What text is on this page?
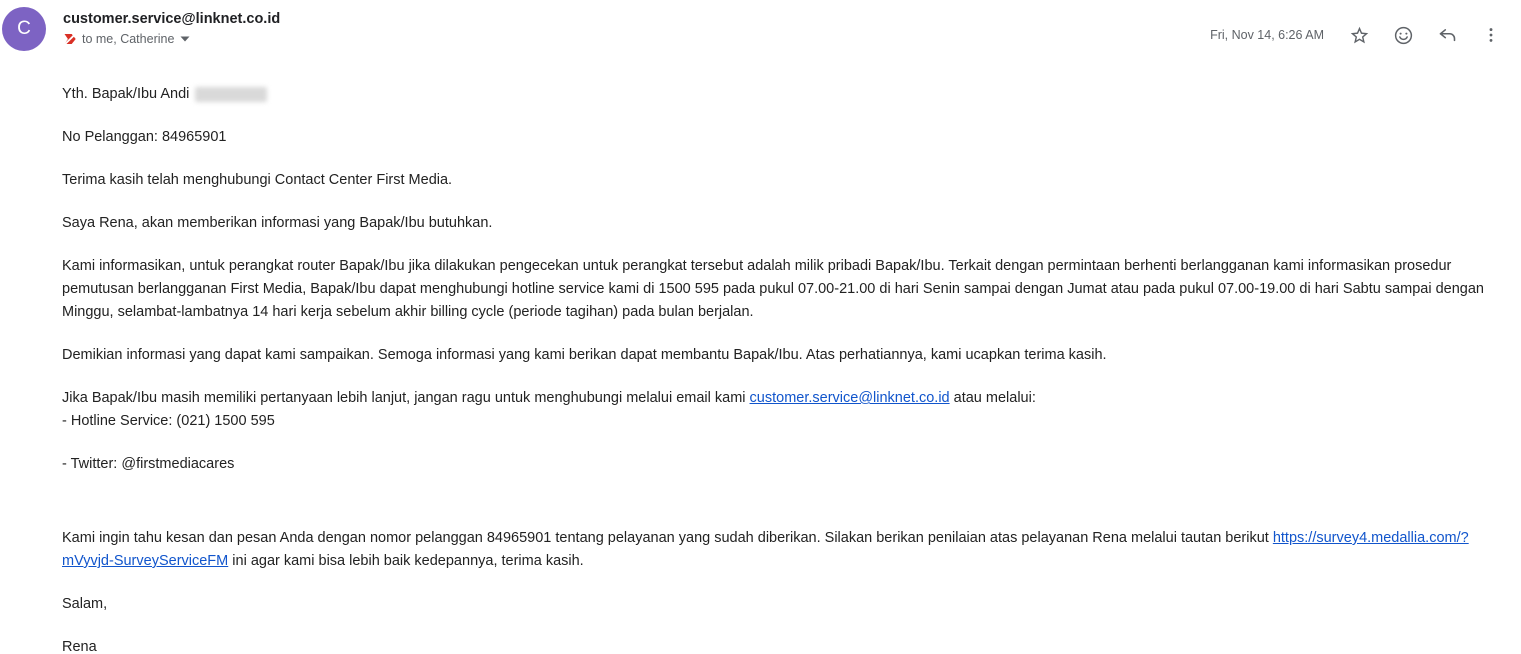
C customer.service@linknet.co.id
to me, Catherine	Fri, Nov 14, 6:26 AM
Yth. Bapak/Ibu Andi
No Pelanggan: 84965901
Terima kasih telah menghubungi Contact Center First Media.
Saya Rena, akan memberikan informasi yang Bapak/Ibu butuhkan.
Kami informasikan, untuk perangkat router Bapak/Ibu jika dilakukan pengecekan untuk perangkat tersebut adalah milik pribadi Bapak/Ibu. Terkait dengan permintaan berhenti berlangganan kami informasikan prosedur pemutusan berlangganan First Media, Bapak/Ibu dapat menghubungi hotline service kami di 1500 595 pada pukul 07.00-21.00 di hari Senin sampai dengan Jumat atau pada pukul 07.00-19.00 di hari Sabtu sampai dengan Minggu, selambat-lambatnya 14 hari kerja sebelum akhir billing cycle (periode tagihan) pada bulan berjalan.
Demikian informasi yang dapat kami sampaikan. Semoga informasi yang kami berikan dapat membantu Bapak/Ibu. Atas perhatiannya, kami ucapkan terima kasih.
Jika Bapak/Ibu masih memiliki pertanyaan lebih lanjut, jangan ragu untuk menghubungi melalui email kami customer.service@linknet.co.id atau melalui:
- Hotline Service: (021) 1500 595
- Twitter: @firstmediacares
Kami ingin tahu kesan dan pesan Anda dengan nomor pelanggan 84965901 tentang pelayanan yang sudah diberikan. Silakan berikan penilaian atas pelayanan Rena melalui tautan berikut https://survey4.medallia.com/?mVyvjd-SurveyServiceFM ini agar kami bisa lebih baik kedepannya, terima kasih.
Salam,
Rena
